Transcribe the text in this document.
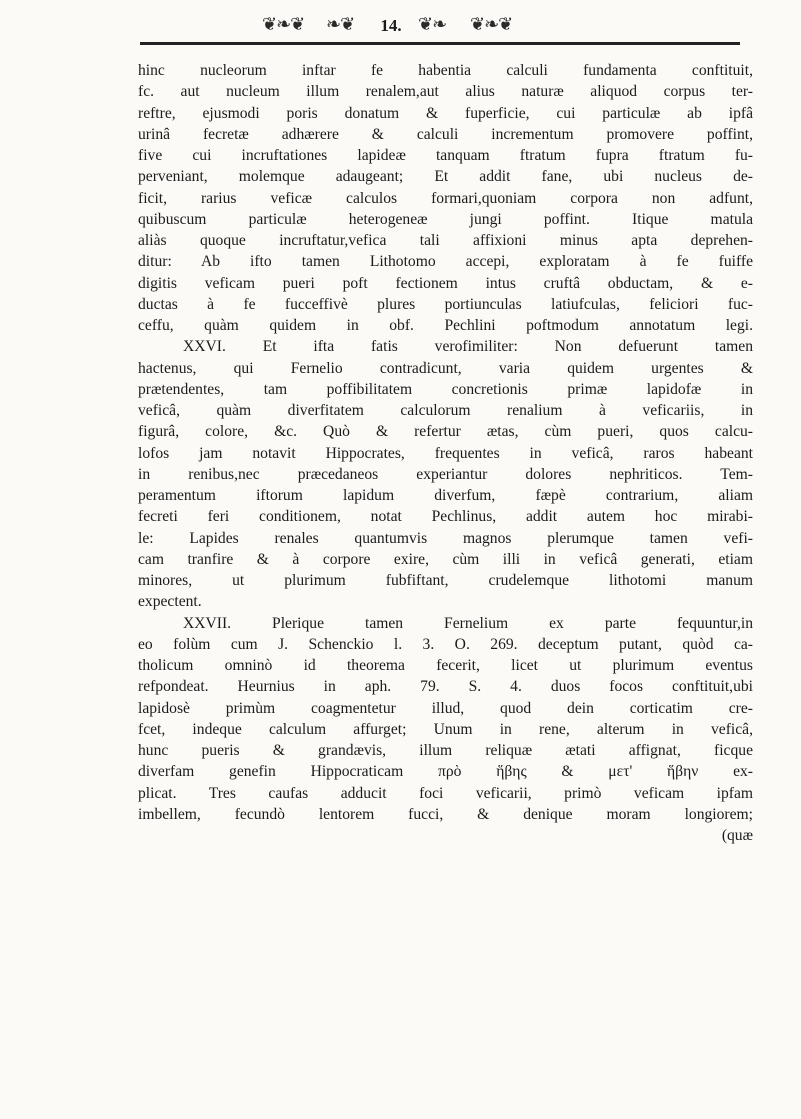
❦❧❦ ❧❦ 14. ❦❧ ❦❧❦
hinc nucleorum inftar fe habentia calculi fundamenta conftituit,
fc. aut nucleum illum renalem,aut alius naturæ aliquod corpus ter-
reftre, ejusmodi poris donatum & fuperficie, cui particulæ ab ipfâ
urinâ fecretæ adhærere & calculi incrementum promovere poffint,
five cui incruftationes lapideæ tanquam ftratum fupra ftratum fu-
perveniant, molemque adaugeant; Et addit fane, ubi nucleus de-
ficit, rarius veficæ calculos formari,quoniam corpora non adfunt,
quibuscum particulæ heterogeneæ jungi poffint. Itique matula
aliàs quoque incruftatur,vefica tali affixioni minus apta deprehen-
ditur: Ab ifto tamen Lithotomo accepi, exploratam à fe fuiffe
digitis veficam pueri poft fectionem intus cruftâ obductam, & e-
ductas à fe fucceffivè plures portiunculas latiufculas, feliciori fuc-
ceffu, quàm quidem in obf. Pechlini poftmodum annotatum legi.
XXVI. Et ifta fatis verofimiliter: Non defuerunt tamen
hactenus, qui Fernelio contradicunt, varia quidem urgentes &
prætendentes, tam poffibilitatem concretionis primæ lapidofæ in
veficâ, quàm diverfitatem calculorum renalium à veficariis, in
figurâ, colore, &c. Quò & refertur ætas, cùm pueri, quos calcu-
lofos jam notavit Hippocrates, frequentes in veficâ, raros habeant
in renibus,nec præcedaneos experiantur dolores nephriticos. Tem-
peramentum iftorum lapidum diverfum, fæpè contrarium, aliam
fecreti feri conditionem, notat Pechlinus, addit autem hoc mirabi-
le: Lapides renales quantumvis magnos plerumque tamen vefi-
cam tranfire & à corpore exire, cùm illi in veficâ generati, etiam
minores, ut plurimum fubfiftant, crudelemque lithotomi manum
expectent.
XXVII. Plerique tamen Fernelium ex parte fequuntur,in
eo folùm cum J. Schenckio l. 3. O. 269. deceptum putant, quòd ca-
tholicum omninò id theorema fecerit, licet ut plurimum eventus
refpondeat. Heurnius in aph. 79. S. 4. duos focos conftituit,ubi
lapidosè primùm coagmentetur illud, quod dein corticatim cre-
fcet, indeque calculum affurget; Unum in rene, alterum in veficâ,
hunc pueris & grandævis, illum reliquæ ætati affignat, ficque
diverfam genefin Hippocraticam πρὸ ἥβης & μετ' ἥβην ex-
plicat. Tres caufas adducit foci veficarii, primò veficam ipfam
imbellem, fecundò lentorem fucci, & denique moram longiorem;
(quæ
